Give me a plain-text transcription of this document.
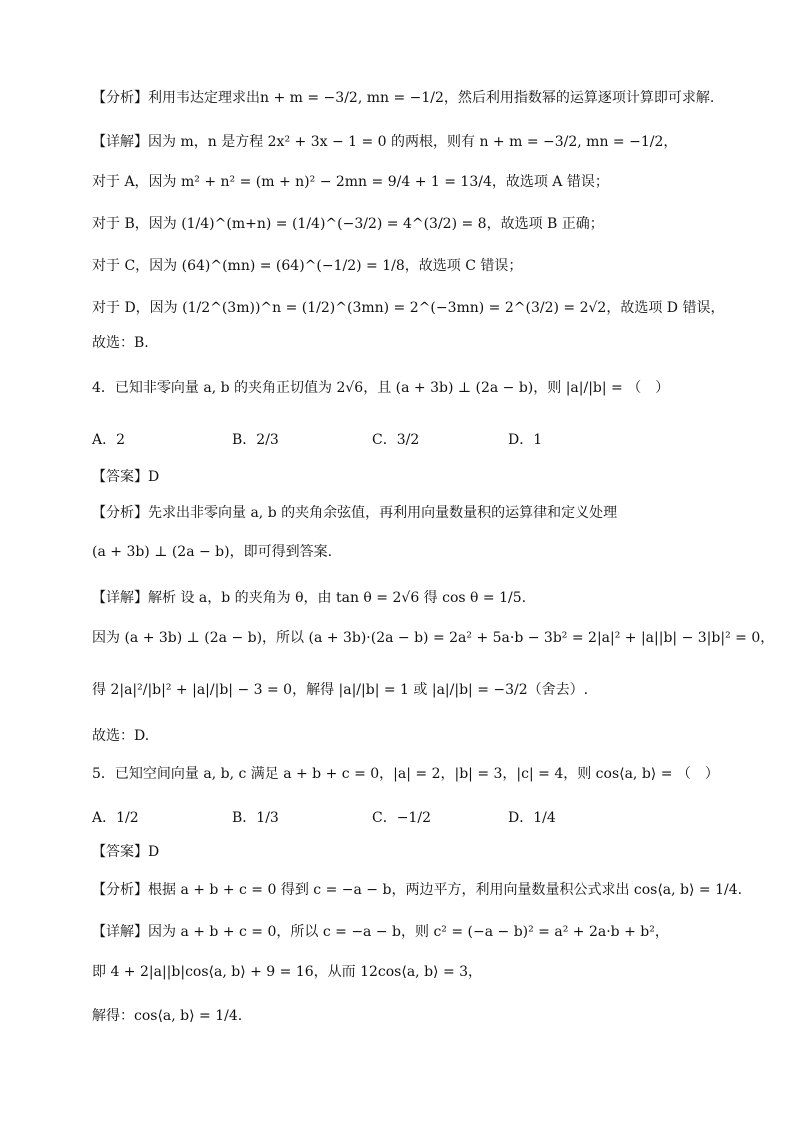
【分析】利用韦达定理求出n + m = −3/2, mn = −1/2，然后利用指数幂的运算逐项计算即可求解.
【详解】因为 m，n 是方程 2x² + 3x − 1 = 0 的两根，则有 n + m = −3/2, mn = −1/2，
对于 A，因为 m² + n² = (m + n)² − 2mn = 9/4 + 1 = 13/4，故选项 A 错误；
对于 B，因为 (1/4)^(m+n) = (1/4)^(−3/2) = 4^(3/2) = 8，故选项 B 正确；
对于 C，因为 (64)^(mn) = (64)^(−1/2) = 1/8，故选项 C 错误；
对于 D，因为 (1/2^(3m))^n = (1/2)^(3mn) = 2^(−3mn) = 2^(3/2) = 2√2，故选项 D 错误，
故选：B.
4．已知非零向量 a, b 的夹角正切值为 2√6，且 (a + 3b) ⊥ (2a − b)，则 |a|/|b| = （　）
A．2	B．2/3	C．3/2	D．1
【答案】D
【分析】先求出非零向量 a, b 的夹角余弦值，再利用向量数量积的运算律和定义处理
(a + 3b) ⊥ (2a − b)，即可得到答案.
【详解】解析 设 a，b 的夹角为 θ，由 tan θ = 2√6 得 cos θ = 1/5.
因为 (a + 3b) ⊥ (2a − b)，所以 (a + 3b)·(2a − b) = 2a² + 5a·b − 3b² = 2|a|² + |a||b| − 3|b|² = 0，
得 2|a|²/|b|² + |a|/|b| − 3 = 0，解得 |a|/|b| = 1 或 |a|/|b| = −3/2（舍去）.
故选：D.
5．已知空间向量 a, b, c 满足 a + b + c = 0，|a| = 2，|b| = 3，|c| = 4，则 cos⟨a, b⟩ = （　）
A．1/2	B．1/3	C．−1/2	D．1/4
【答案】D
【分析】根据 a + b + c = 0 得到 c = −a − b，两边平方，利用向量数量积公式求出 cos⟨a, b⟩ = 1/4.
【详解】因为 a + b + c = 0，所以 c = −a − b，则 c² = (−a − b)² = a² + 2a·b + b²，
即 4 + 2|a||b|cos⟨a, b⟩ + 9 = 16，从而 12cos⟨a, b⟩ = 3，
解得：cos⟨a, b⟩ = 1/4.
